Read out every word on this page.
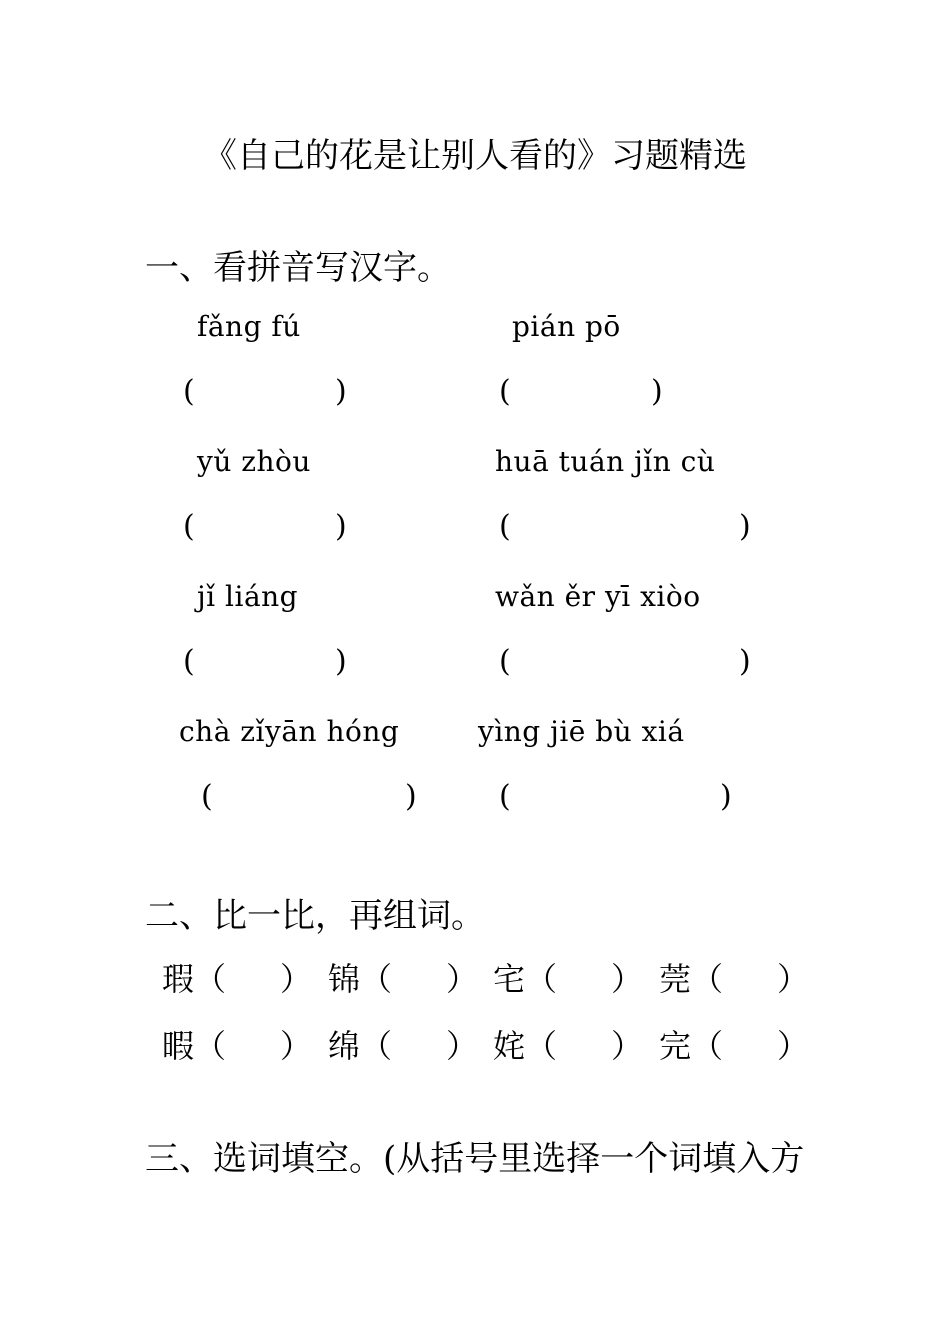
《自己的花是让别人看的》习题精选
一、看拼音写汉字。
fǎng fú	pián pō
(	)	(	)
yǔ zhòu	huā tuán jǐn cù
(	)	(	)
jǐ liáng	wǎn ěr yī xiòo
(	)	(	)
chà zǐyān hóng	yìng jiē bù xiá
(	)	(	)
二、比一比，再组词。
瑕 （ ） 锦 （ ） 宅 （ ） 莞 （ ）
暇 （ ） 绵 （ ） 姹 （ ） 完 （ ）
三、选词填空。(从括号里选择一个词填入方
